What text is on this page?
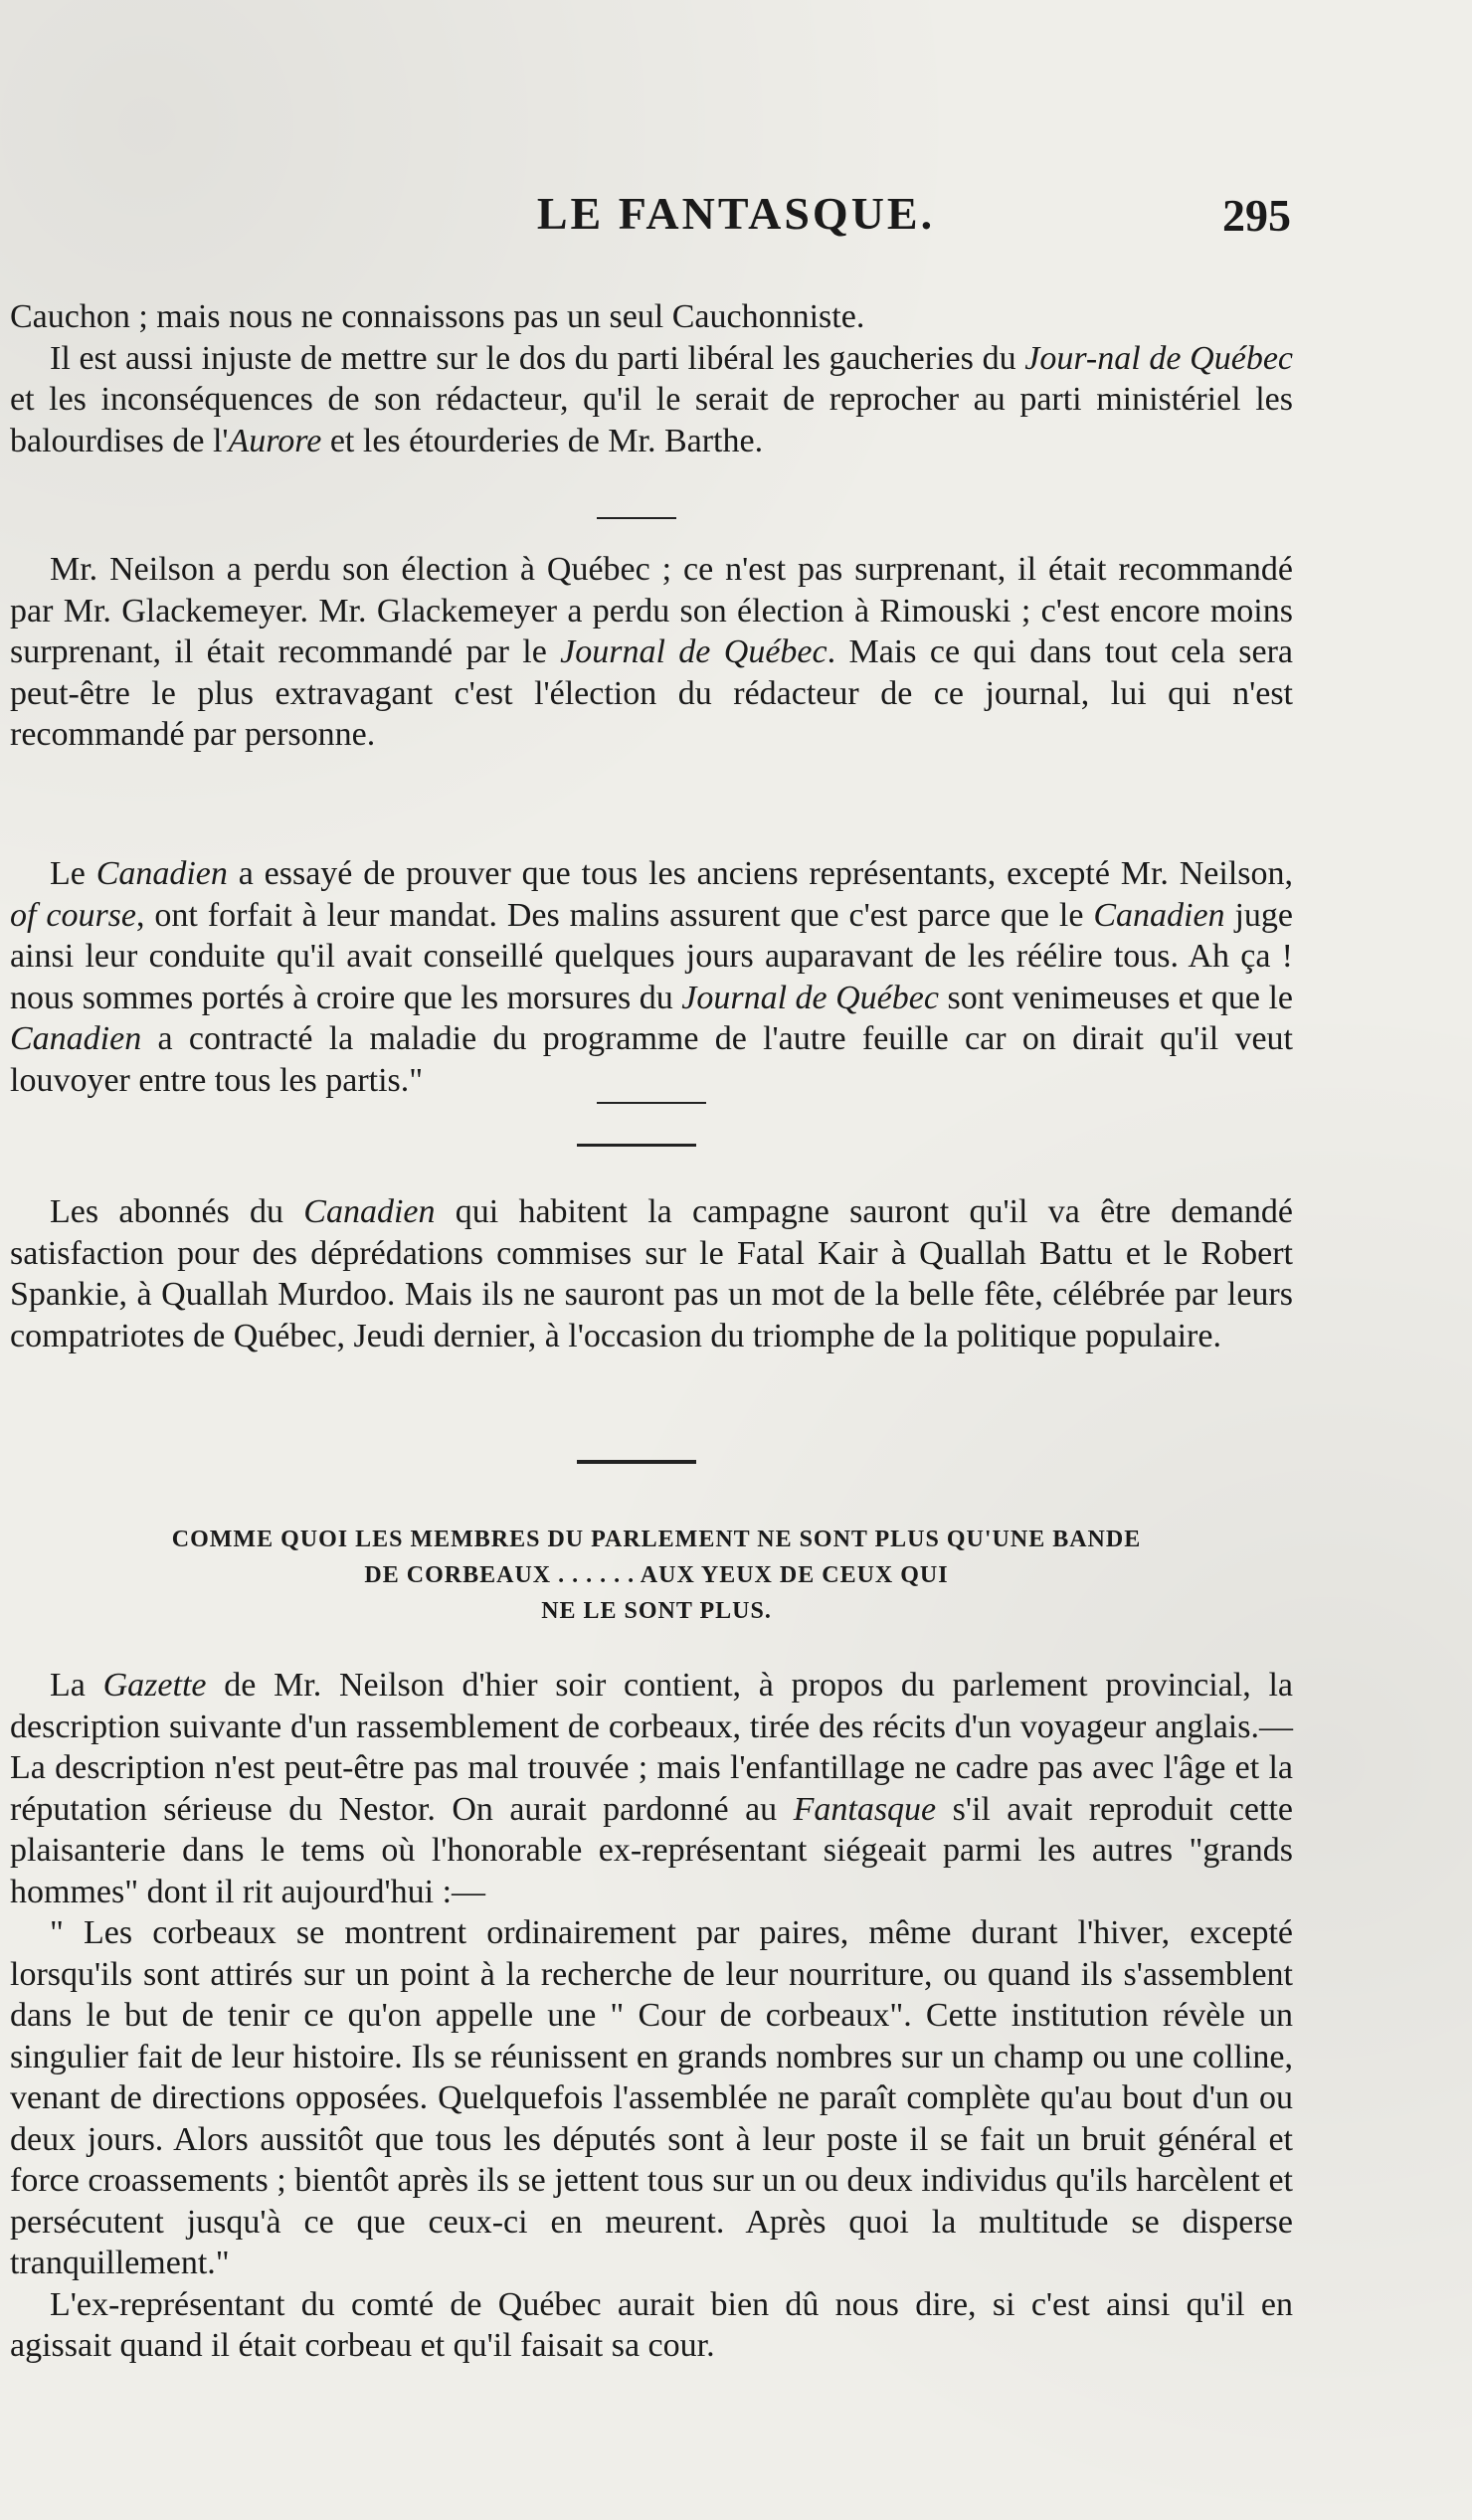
LE FANTASQUE.	295

Cauchon ; mais nous ne connaissons pas un seul Cauchonniste.

Il est aussi injuste de mettre sur le dos du parti libéral les gaucheries du Jour-nal de Québec et les inconséquences de son rédacteur, qu'il le serait de reprocher au parti ministériel les balourdises de l'Aurore et les étourderies de Mr. Barthe.

Mr. Neilson a perdu son élection à Québec ; ce n'est pas surprenant, il était recommandé par Mr. Glackemeyer. Mr. Glackemeyer a perdu son élection à Rimouski ; c'est encore moins surprenant, il était recommandé par le Journal de Québec. Mais ce qui dans tout cela sera peut-être le plus extravagant c'est l'élection du rédacteur de ce journal, lui qui n'est recommandé par personne.

Le Canadien a essayé de prouver que tous les anciens représentants, excepté Mr. Neilson, of course, ont forfait à leur mandat. Des malins assurent que c'est parce que le Canadien juge ainsi leur conduite qu'il avait conseillé quelques jours auparavant de les réélire tous. Ah ça ! nous sommes portés à croire que les morsures du Journal de Québec sont venimeuses et que le Canadien a contracté la maladie du programme de l'autre feuille car on dirait qu'il veut louvoyer entre tous les partis."

Les abonnés du Canadien qui habitent la campagne sauront qu'il va être demandé satisfaction pour des déprédations commises sur le Fatal Kair à Quallah Battu et le Robert Spankie, à Quallah Murdoo. Mais ils ne sauront pas un mot de la belle fête, célébrée par leurs compatriotes de Québec, Jeudi dernier, à l'occasion du triomphe de la politique populaire.

COMME QUOI LES MEMBRES DU PARLEMENT NE SONT PLUS QU'UNE BANDE
DE CORBEAUX . . . . . . AUX YEUX DE CEUX QUI
NE LE SONT PLUS.

La Gazette de Mr. Neilson d'hier soir contient, à propos du parlement provincial, la description suivante d'un rassemblement de corbeaux, tirée des récits d'un voyageur anglais.—La description n'est peut-être pas mal trouvée ; mais l'enfantillage ne cadre pas avec l'âge et la réputation sérieuse du Nestor. On aurait pardonné au Fantasque s'il avait reproduit cette plaisanterie dans le tems où l'honorable ex-représentant siégeait parmi les autres "grands hommes" dont il rit aujourd'hui :—

" Les corbeaux se montrent ordinairement par paires, même durant l'hiver, excepté lorsqu'ils sont attirés sur un point à la recherche de leur nourriture, ou quand ils s'assemblent dans le but de tenir ce qu'on appelle une " Cour de corbeaux". Cette institution révèle un singulier fait de leur histoire. Ils se réunissent en grands nombres sur un champ ou une colline, venant de directions opposées. Quelquefois l'assemblée ne paraît complète qu'au bout d'un ou deux jours. Alors aussitôt que tous les députés sont à leur poste il se fait un bruit général et force croassements ; bientôt après ils se jettent tous sur un ou deux individus qu'ils harcèlent et persécutent jusqu'à ce que ceux-ci en meurent. Après quoi la multitude se disperse tranquillement."

L'ex-représentant du comté de Québec aurait bien dû nous dire, si c'est ainsi qu'il en agissait quand il était corbeau et qu'il faisait sa cour.
